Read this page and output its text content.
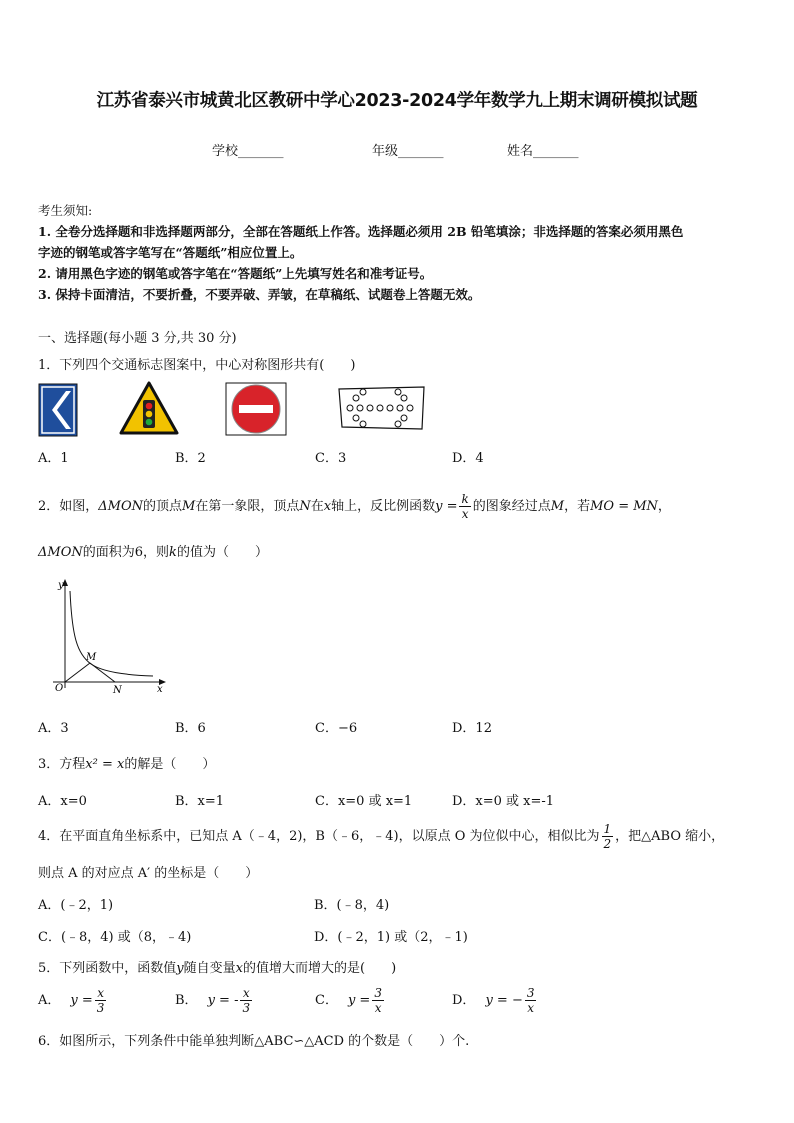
江苏省泰兴市城黄北区教研中学心2023-2024学年数学九上期末调研模拟试题
学校_______	年级_______	姓名_______
考生须知:
1. 全卷分选择题和非选择题两部分，全部在答题纸上作答。选择题必须用 2B 铅笔填涂；非选择题的答案必须用黑色
字迹的钢笔或答字笔写在“答题纸”相应位置上。
2. 请用黑色字迹的钢笔或答字笔在“答题纸”上先填写姓名和准考证号。
3. 保持卡面清洁，不要折叠，不要弄破、弄皱，在草稿纸、试题卷上答题无效。
一、选择题(每小题 3 分,共 30 分)
1．下列四个交通标志图案中，中心对称图形共有(　　)
A．1	B．2	C．3	D．4
2．如图，ΔMON的顶点M在第一象限，顶点N在x轴上，反比例函数$y = \frac{k}{x}$ 的图象经过点M，若MO = MN，
ΔMON的面积为6，则k的值为（　　）
y
x
O
M
N
A．3	B．6	C．−6	D．12
3．方程x² = x的解是（　　）
A．x=0	B．x=1	C．x=0 或 x=1	D．x=0 或 x=-1
4．在平面直角坐标系中，已知点 A（﹣4，2)，B（﹣6，﹣4)，以原点 O 为位似中心，相似比为 $\frac{1}{2}$ ，把△ABO 缩小，
则点 A 的对应点 A′ 的坐标是（　　）
A．(﹣2，1)	B．(﹣8，4)
C．(﹣8，4) 或（8，﹣4)	D．(﹣2，1) 或（2，﹣1)
5．下列函数中，函数值y随自变量x的值增大而增大的是(　　)
A． $y = \frac{x}{3}$	B． y = - $\frac{x}{3}$	C． $y = \frac{3}{x}$	D． y = − $\frac{3}{x}$
6．如图所示，下列条件中能单独判断△ABC∽△ACD 的个数是（　　）个.
